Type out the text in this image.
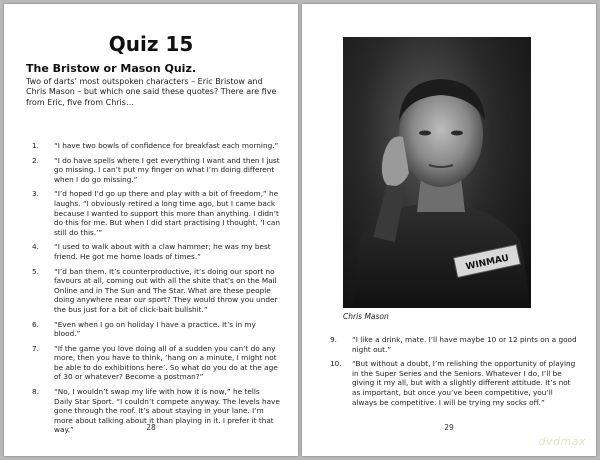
Quiz 15
The Bristow or Mason Quiz.
Two of darts’ most outspoken characters – Eric Bristow and Chris Mason – but which one said these quotes? There are five from Eric, five from Chris…
1. “I have two bowls of confidence for breakfast each morning.”
2. “I do have spells where I get everything I want and then I just go missing. I can’t put my finger on what I’m doing different when I do go missing.”
3. “I’d hoped I’d go up there and play with a bit of freedom,” he laughs. “I obviously retired a long time ago, but I came back because I wanted to support this more than anything. I didn’t do this for me. But when I did start practising I thought, ‘I can still do this.’”
4. “I used to walk about with a claw hammer; he was my best friend. He got me home loads of times.”
5. “I’d ban them. It’s counterproductive, it’s doing our sport no favours at all, coming out with all the shite that’s on the Mail Online and in The Sun and The Star. What are these people doing anywhere near our sport? They would throw you under the bus just for a bit of click-bait bullshit.”
6. “Even when I go on holiday I have a practice. It’s in my blood.”
7. “If the game you love doing all of a sudden you can’t do any more, then you have to think, ‘hang on a minute, I might not be able to do exhibitions here’. So what do you do at the age of 30 or whatever? Become a postman?”
8. “No, I wouldn’t swap my life with how it is now,” he tells Daily Star Sport. “I couldn’t compete anyway. The levels have gone through the roof. It’s about staying in your lane. I’m more about talking about it than playing in it. I prefer it that way.”	28
WINMAU
Chris Mason
9. “I like a drink, mate. I’ll have maybe 10 or 12 pints on a good night out.”
10. “But without a doubt, I’m relishing the opportunity of playing in the Super Series and the Seniors. Whatever I do, I’ll be giving it my all, but with a slightly different attitude. It’s not as important, but once you’ve been competitive, you’ll always be competitive. I will be trying my socks off.”
29
dvdmax
